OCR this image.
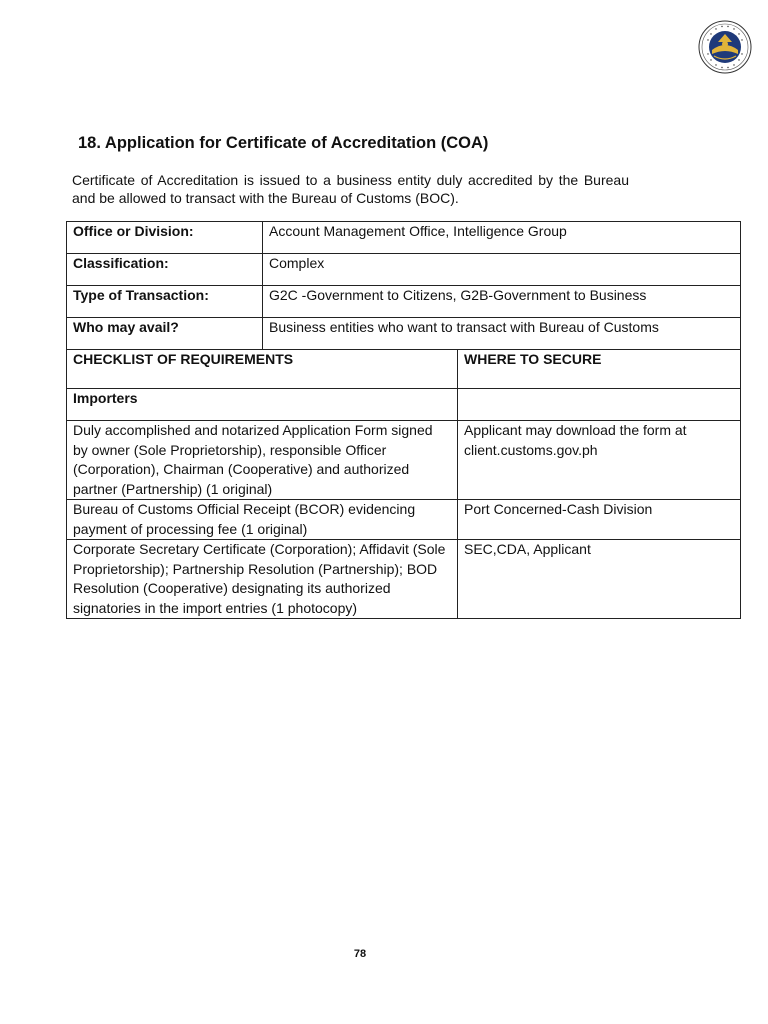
18. Application for Certificate of Accreditation (COA)

Certificate of Accreditation is issued to a business entity duly accredited by the Bureau and be allowed to transact with the Bureau of Customs (BOC).

Office or Division:	Account Management Office, Intelligence Group
Classification:	Complex
Type of Transaction:	G2C -Government to Citizens, G2B-Government to Business
Who may avail?	Business entities who want to transact with Bureau of Customs
CHECKLIST OF REQUIREMENTS	WHERE TO SECURE
Importers	
Duly accomplished and notarized Application Form signed by owner (Sole Proprietorship), responsible Officer (Corporation), Chairman (Cooperative) and authorized partner (Partnership) (1 original)	Applicant may download the form at client.customs.gov.ph
Bureau of Customs Official Receipt (BCOR) evidencing payment of processing fee (1 original)	Port Concerned-Cash Division
Corporate Secretary Certificate (Corporation); Affidavit (Sole Proprietorship); Partnership Resolution (Partnership); BOD Resolution (Cooperative) designating its authorized signatories in the import entries (1 photocopy)	SEC,CDA, Applicant
78
